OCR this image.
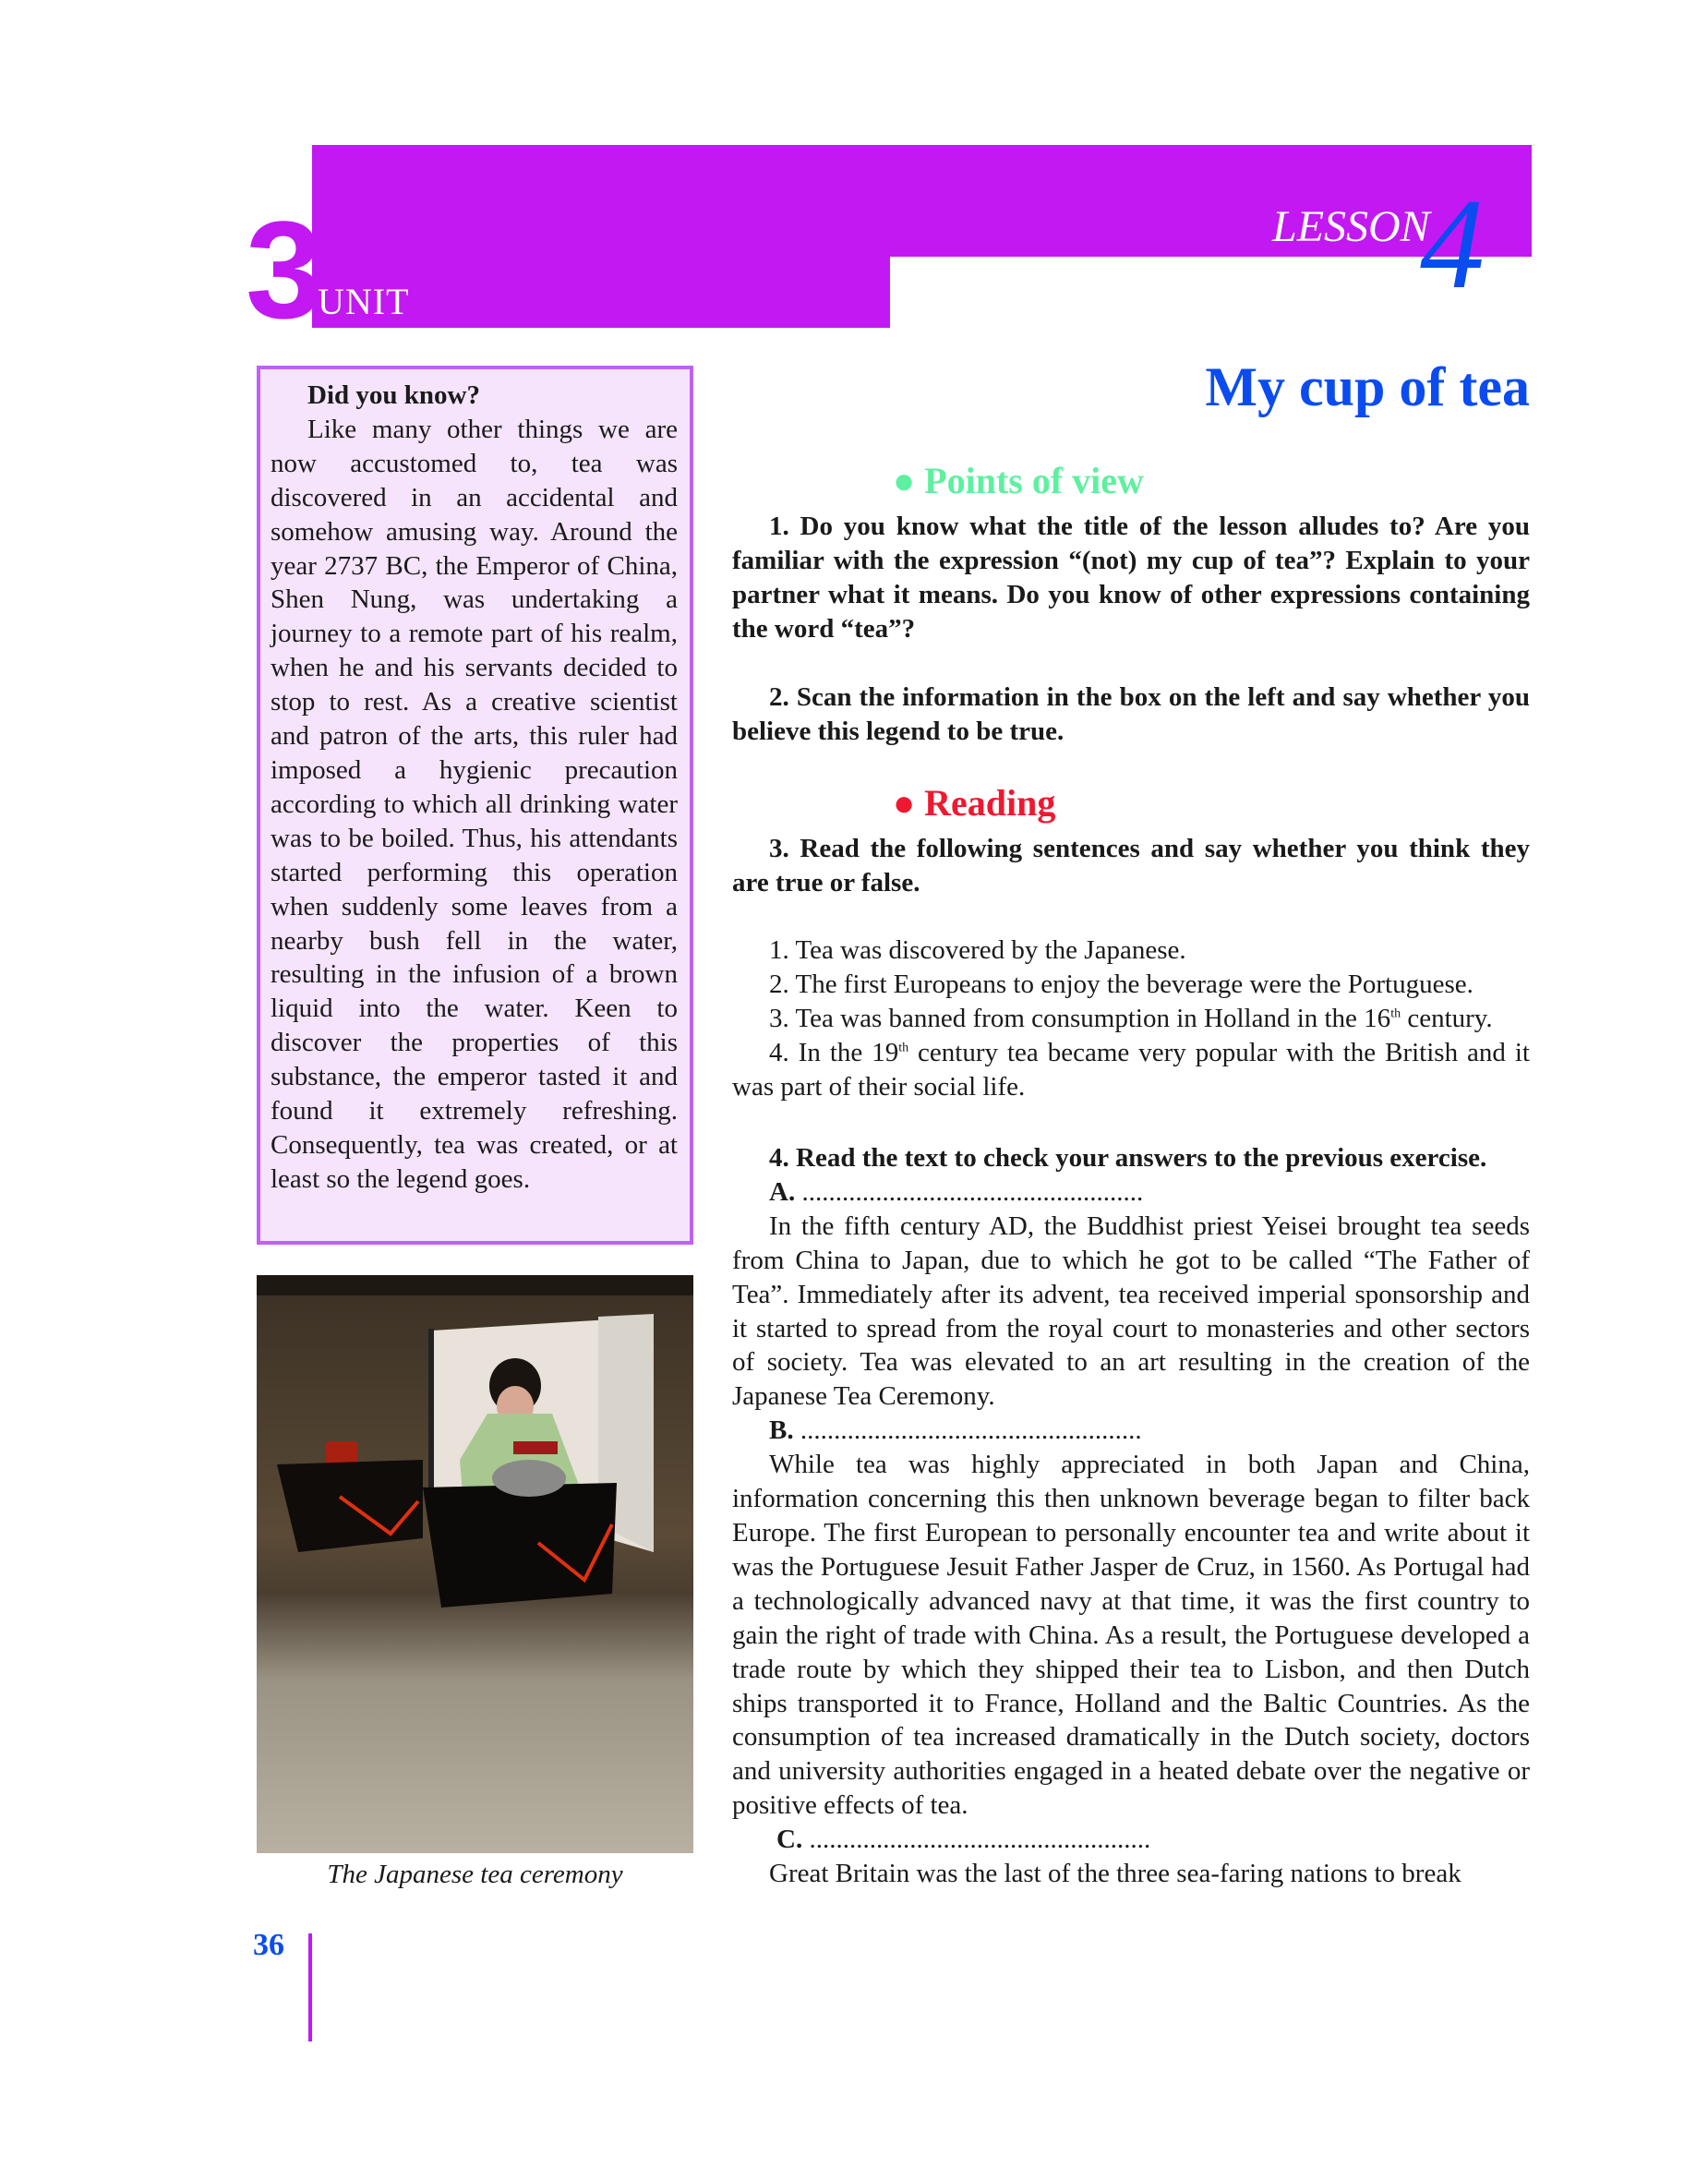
3
UNIT
LESSON
4
My cup of tea
Did you know?
Like many other things we are now accustomed to, tea was discovered in an accidental and somehow amusing way. Around the year 2737 BC, the Emperor of China, Shen Nung, was undertaking a journey to a remote part of his realm, when he and his servants decided to stop to rest. As a creative scientist and patron of the arts, this ruler had imposed a hygienic precaution according to which all drinking water was to be boiled. Thus, his attendants started performing this operation when suddenly some leaves from a nearby bush fell in the water, resulting in the infusion of a brown liquid into the water. Keen to discover the properties of this substance, the emperor tasted it and found it extremely refreshing. Consequently, tea was created, or at least so the legend goes.
The Japanese tea ceremony
36
● Points of view

1. Do you know what the title of the lesson alludes to? Are you familiar with the expression “(not) my cup of tea”? Explain to your partner what it means. Do you know of other expressions containing the word “tea”?

2. Scan the information in the box on the left and say whether you believe this legend to be true.

● Reading

3. Read the following sentences and say whether you think they are true or false.

1. Tea was discovered by the Japanese.

2. The first Europeans to enjoy the beverage were the Portuguese.

3. Tea was banned from consumption in Holland in the 16th century.

4. In the 19th century tea became very popular with the British and it was part of their social life.

4. Read the text to check your answers to the previous exercise.

A. ...................................................

In the fifth century AD, the Buddhist priest Yeisei brought tea seeds from China to Japan, due to which he got to be called “The Father of Tea”. Immediately after its advent, tea received imperial sponsorship and it started to spread from the royal court to monasteries and other sectors of society. Tea was elevated to an art resulting in the creation of the Japanese Tea Ceremony.

B. ...................................................

While tea was highly appreciated in both Japan and China, information concerning this then unknown beverage began to filter back Europe. The first European to personally encounter tea and write about it was the Portuguese Jesuit Father Jasper de Cruz, in 1560. As Portugal had a technologically advanced navy at that time, it was the first country to gain the right of trade with China. As a result, the Portuguese developed a trade route by which they shipped their tea to Lisbon, and then Dutch ships transported it to France, Holland and the Baltic Countries. As the consumption of tea increased dramatically in the Dutch society, doctors and university authorities engaged in a heated debate over the negative or positive effects of tea.

C. ...................................................

Great Britain was the last of the three sea-faring nations to break
